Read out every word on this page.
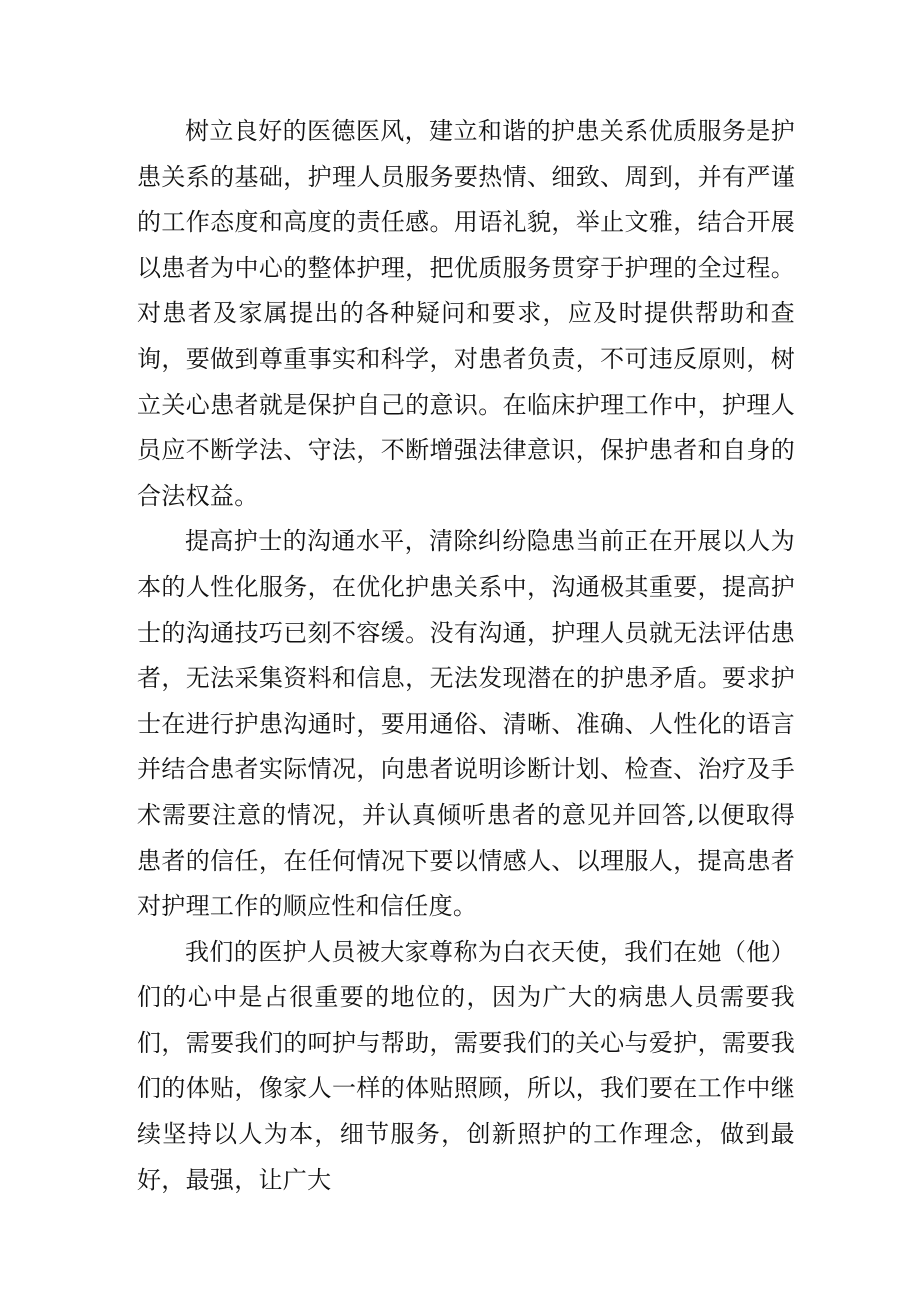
树立良好的医德医风，建立和谐的护患关系优质服务是护患关系的基础，护理人员服务要热情、细致、周到，并有严谨的工作态度和高度的责任感。用语礼貌，举止文雅，结合开展以患者为中心的整体护理，把优质服务贯穿于护理的全过程。对患者及家属提出的各种疑问和要求，应及时提供帮助和查询，要做到尊重事实和科学，对患者负责，不可违反原则，树立关心患者就是保护自己的意识。在临床护理工作中，护理人员应不断学法、守法，不断增强法律意识，保护患者和自身的合法权益。

提高护士的沟通水平，清除纠纷隐患当前正在开展以人为本的人性化服务，在优化护患关系中，沟通极其重要，提高护士的沟通技巧已刻不容缓。没有沟通，护理人员就无法评估患者，无法采集资料和信息，无法发现潜在的护患矛盾。要求护士在进行护患沟通时，要用通俗、清晰、准确、人性化的语言并结合患者实际情况，向患者说明诊断计划、检查、治疗及手术需要注意的情况，并认真倾听患者的意见并回答,以便取得患者的信任，在任何情况下要以情感人、以理服人，提高患者对护理工作的顺应性和信任度。

我们的医护人员被大家尊称为白衣天使，我们在她（他）们的心中是占很重要的地位的，因为广大的病患人员需要我们，需要我们的呵护与帮助，需要我们的关心与爱护，需要我们的体贴，像家人一样的体贴照顾，所以，我们要在工作中继续坚持以人为本，细节服务，创新照护的工作理念，做到最好，最强，让广大
